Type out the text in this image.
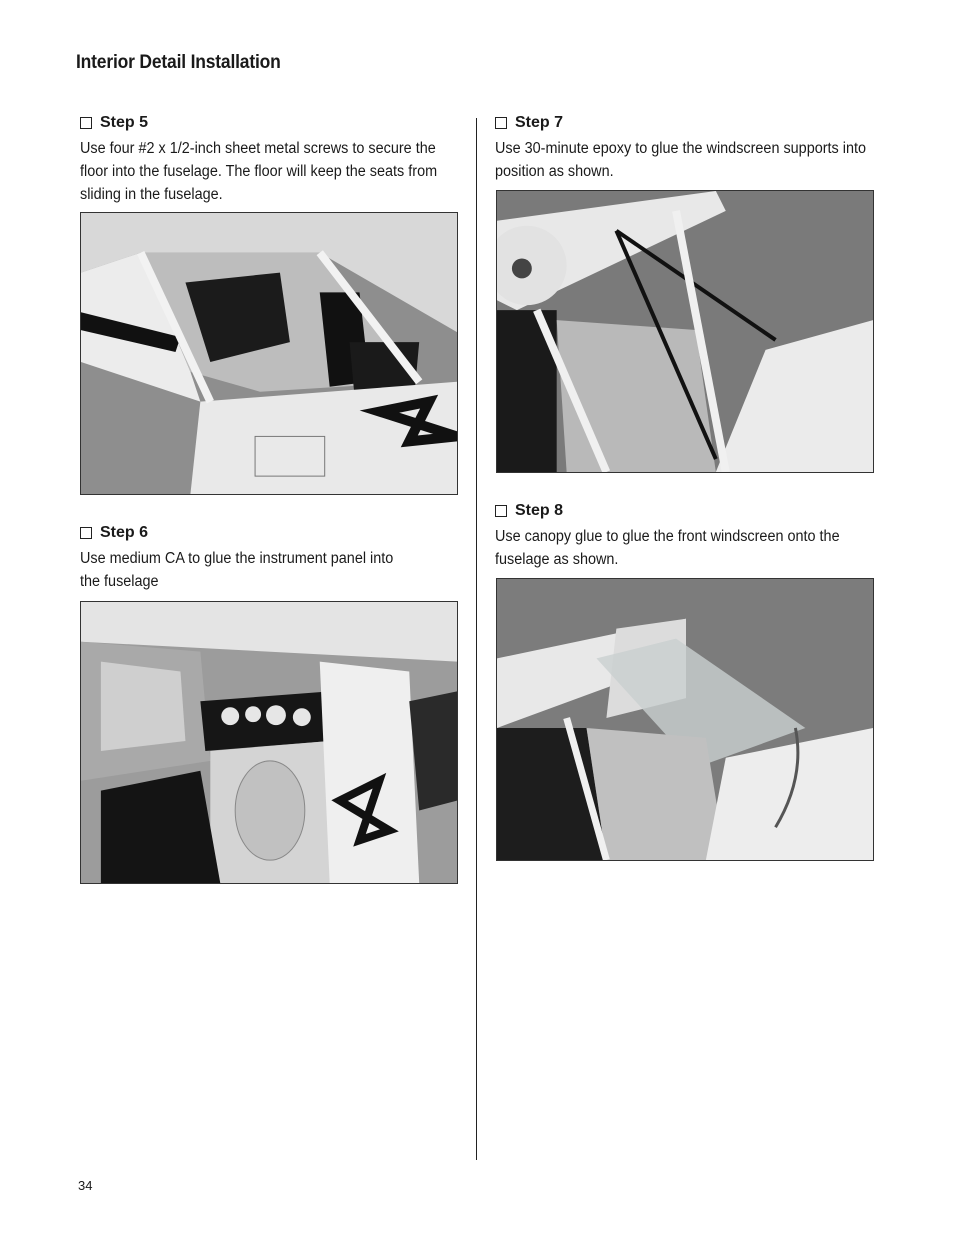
Interior Detail Installation
Step 5
Use four #2 x 1/2-inch sheet metal screws to secure the
floor into the fuselage. The floor will keep the seats from
sliding in the fuselage.
Step 6
Use medium CA to glue the instrument panel into
the fuselage
Step 7
Use 30-minute epoxy to glue the windscreen supports into
position as shown.
Step 8
Use canopy glue to glue the front windscreen onto the
fuselage as shown.
34
